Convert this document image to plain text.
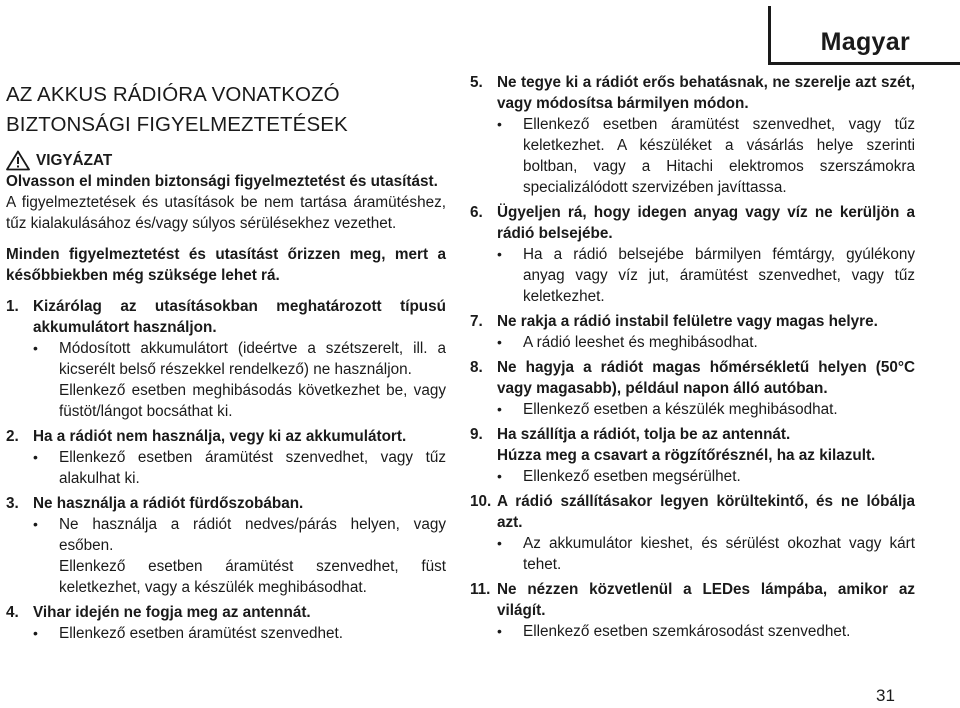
Magyar
AZ AKKUS RÁDIÓRA VONATKOZÓ
BIZTONSÁGI FIGYELMEZTETÉSEK
VIGYÁZAT

Olvasson el minden biztonsági figyelmeztetést és utasítást.

A figyelmeztetések és utasítások be nem tartása áramütéshez, tűz kialakulásához és/vagy súlyos sérülésekhez vezethet.

Minden figyelmeztetést és utasítást őrizzen meg, mert a későbbiekben még szüksége lehet rá.

1. Kizárólag az utasításokban meghatározott típusú akkumulátort használjon.
•	Módosított akkumulátort (ideértve a szétszerelt, ill. a kicserélt belső részekkel rendelkező) ne használjon.

Ellenkező esetben meghibásodás következhet be, vagy füstöt/lángot bocsáthat ki.

2. Ha a rádiót nem használja, vegy ki az akkumulátort.
•	Ellenkező esetben áramütést szenvedhet, vagy tűz alakulhat ki.
3. Ne használja a rádiót fürdőszobában.
•	Ne használja a rádiót nedves/párás helyen, vagy esőben.

Ellenkező esetben áramütést szenvedhet, füst keletkezhet, vagy a készülék meghibásodhat.

4. Vihar idején ne fogja meg az antennát.
•	Ellenkező esetben áramütést szenvedhet.
5. Ne tegye ki a rádiót erős behatásnak, ne szerelje azt szét, vagy módosítsa bármilyen módon.
•	Ellenkező esetben áramütést szenvedhet, vagy tűz keletkezhet. A készüléket a vásárlás helye szerinti boltban, vagy a Hitachi elektromos szerszámokra specializálódott szervizében javíttassa.
6. Ügyeljen rá, hogy idegen anyag vagy víz ne kerüljön a rádió belsejébe.
•	Ha a rádió belsejébe bármilyen fémtárgy, gyúlékony anyag vagy víz jut, áramütést szenvedhet, vagy tűz keletkezhet.
7. Ne rakja a rádió instabil felületre vagy magas helyre.
•	A rádió leeshet és meghibásodhat.
8. Ne hagyja a rádiót magas hőmérsékletű helyen (50°C vagy magasabb), például napon álló autóban.
•	Ellenkező esetben a készülék meghibásodhat.
9. Ha szállítja a rádiót, tolja be az antennát.
Húzza meg a csavart a rögzítőrésznél, ha az kilazult.
•	Ellenkező esetben megsérülhet.
10. A rádió szállításakor legyen körültekintő, és ne lóbálja azt.
•	Az akkumulátor kieshet, és sérülést okozhat vagy kárt tehet.
11. Ne nézzen közvetlenül a LEDes lámpába, amikor az világít.
•	Ellenkező esetben szemkárosodást szenvedhet.
31
